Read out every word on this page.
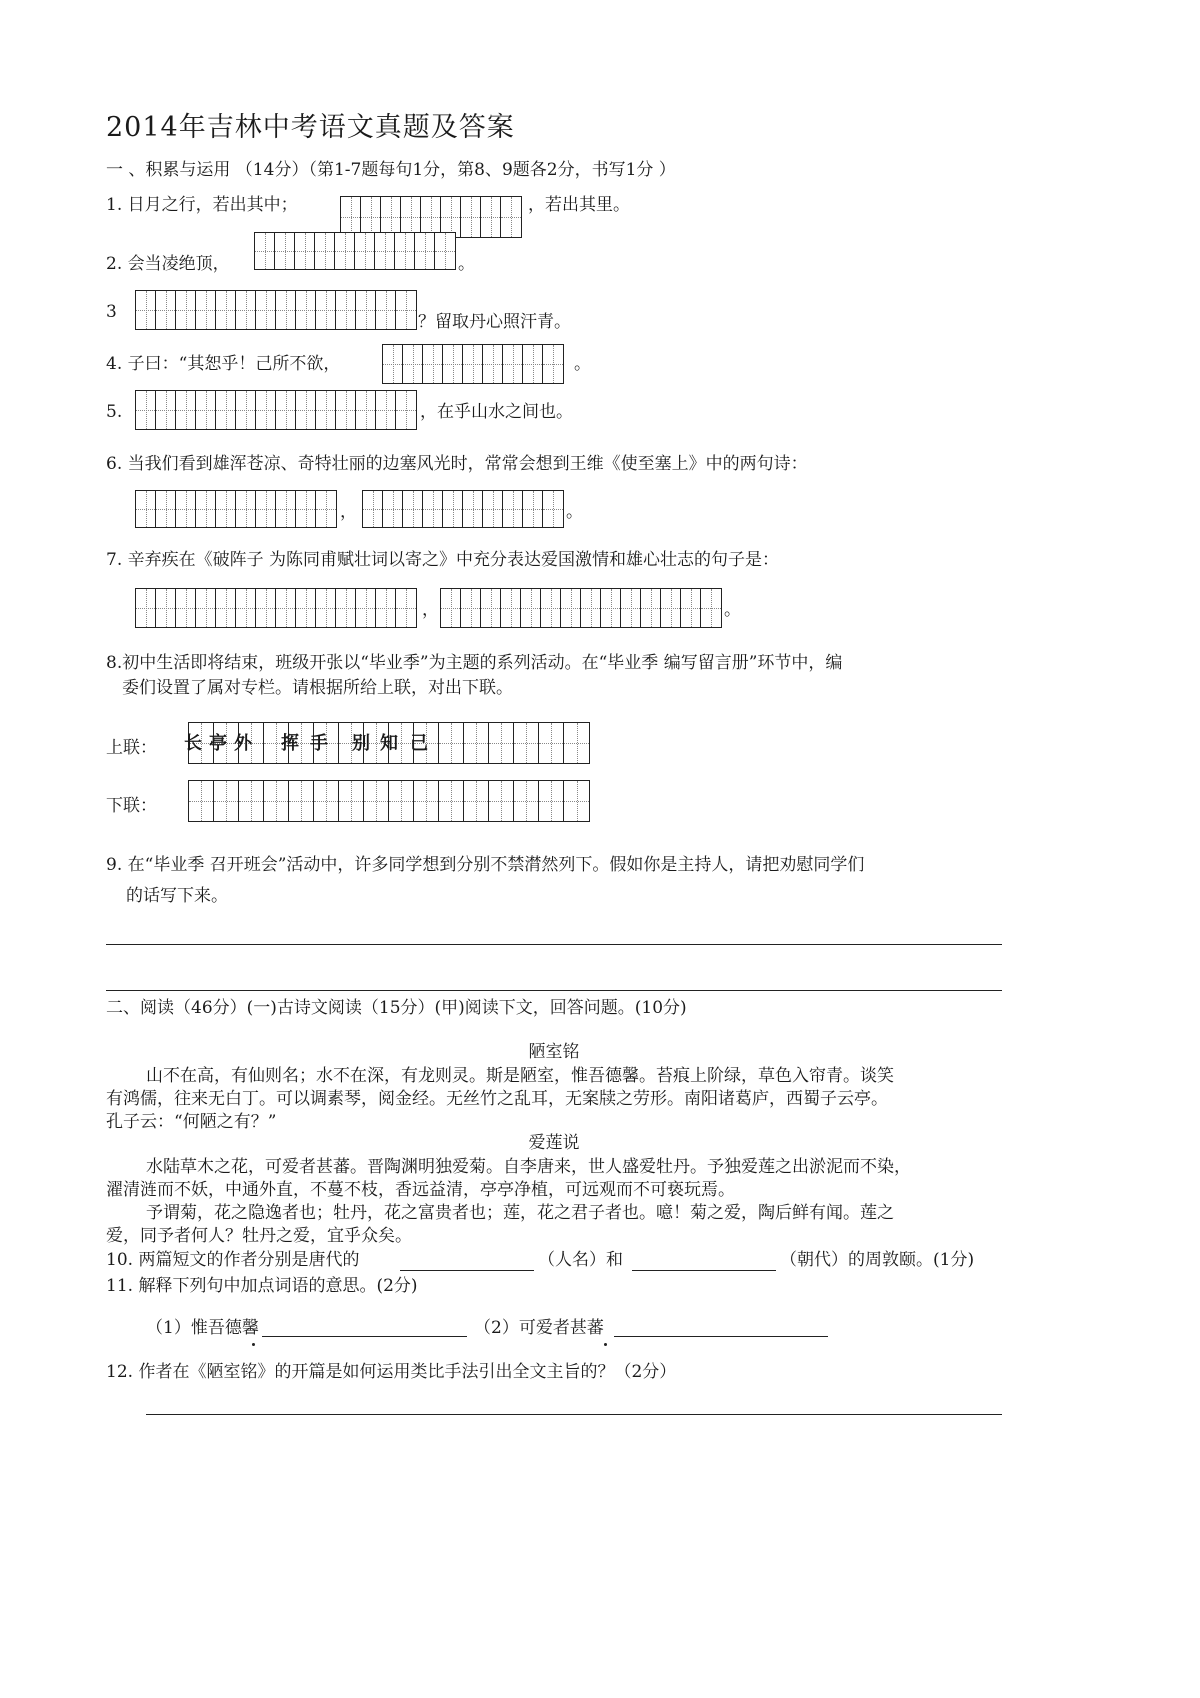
2014年吉林中考语文真题及答案
一 、积累与运用 （14分）（第1-7题每句1分，第8、9题各2分，书写1分 ）
1. 日月之行，若出其中；	，若出其里。
2. 会当凌绝顶，	。
3	？留取丹心照汗青。
4. 子曰：“其恕乎！己所不欲，	。
5.	，在乎山水之间也。
6. 当我们看到雄浑苍凉、奇特壮丽的边塞风光时，常常会想到王维《使至塞上》中的两句诗：
，	。
7. 辛弃疾在《破阵子 为陈同甫赋壮词以寄之》中充分表达爱国激情和雄心壮志的句子是：
，	。
8.初中生活即将结束，班级开张以“毕业季”为主题的系列活动。在“毕业季 编写留言册”环节中，编
委们设置了属对专栏。请根据所给上联，对出下联。
上联： 长 亭 外 挥 手 别 知 己
下联：
9. 在“毕业季 召开班会”活动中，许多同学想到分别不禁潸然列下。假如你是主持人，请把劝慰同学们
的话写下来。
二、阅读（46分）(一)古诗文阅读（15分）(甲)阅读下文，回答问题。(10分)
陋室铭
山不在高，有仙则名；水不在深，有龙则灵。斯是陋室，惟吾德馨。苔痕上阶绿，草色入帘青。谈笑
有鸿儒，往来无白丁。可以调素琴，阅金经。无丝竹之乱耳，无案牍之劳形。南阳诸葛庐，西蜀子云亭。
孔子云：“何陋之有？”
爱莲说
水陆草木之花，可爱者甚蕃。晋陶渊明独爱菊。自李唐来，世人盛爱牡丹。予独爱莲之出淤泥而不染，
濯清涟而不妖，中通外直，不蔓不枝，香远益清，亭亭净植，可远观而不可亵玩焉。
予谓菊，花之隐逸者也；牡丹，花之富贵者也；莲，花之君子者也。噫！菊之爱，陶后鲜有闻。莲之
爱，同予者何人？牡丹之爱，宜乎众矣。
10. 两篇短文的作者分别是唐代的	（人名）和	（朝代）的周敦颐。(1分)
11. 解释下列句中加点词语的意思。(2分)
（1）惟吾德馨	（2）可爱者甚蕃
12. 作者在《陋室铭》的开篇是如何运用类比手法引出全文主旨的？（2分）
